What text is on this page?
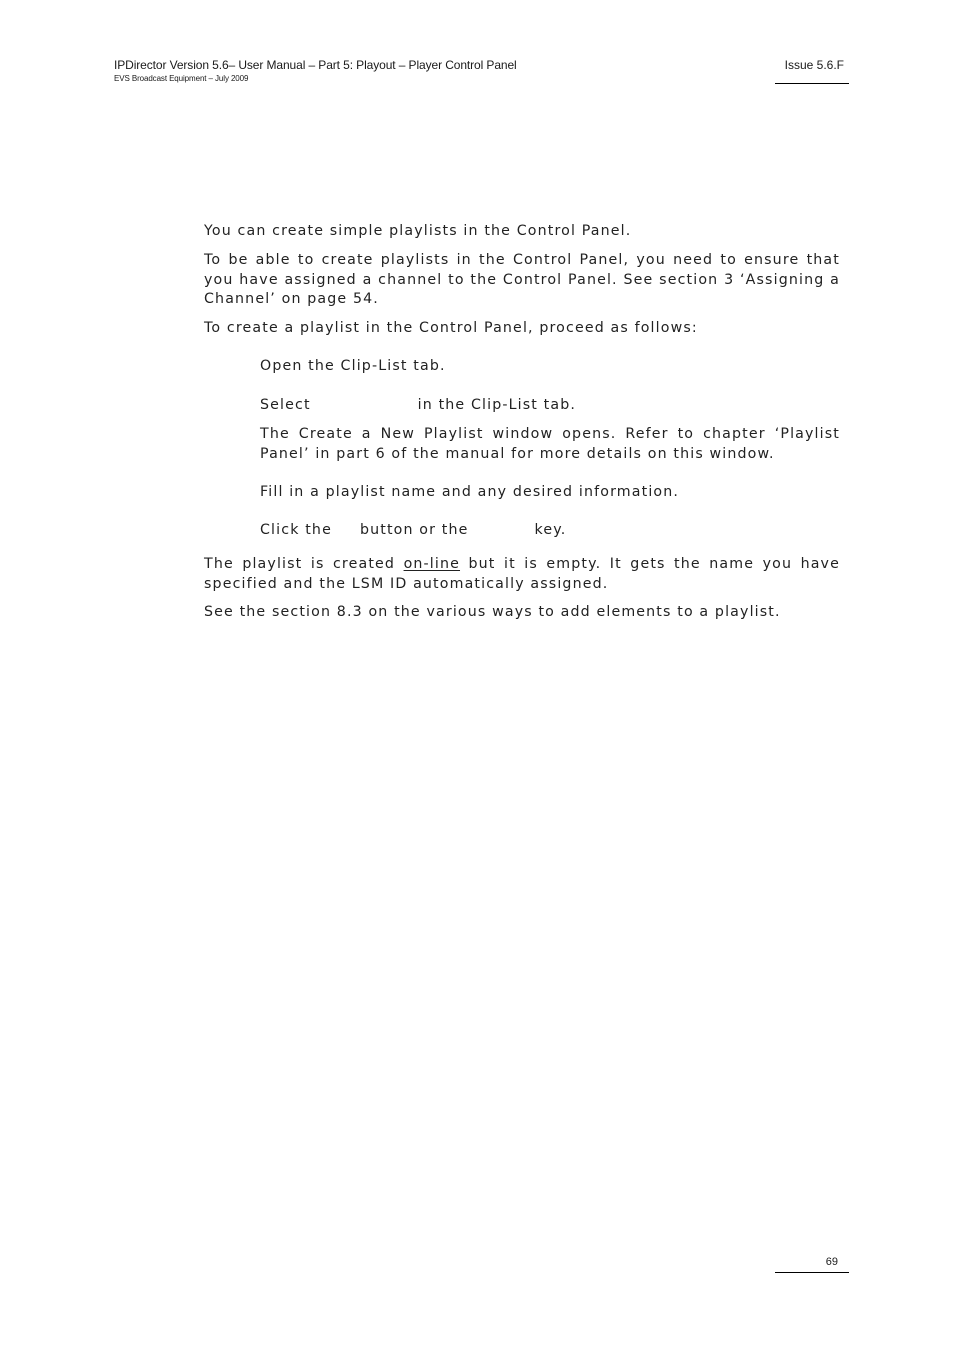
IPDirector Version 5.6– User Manual – Part 5: Playout – Player Control Panel
EVS Broadcast Equipment – July 2009
Issue 5.6.F

You can create simple playlists in the Control Panel.

To be able to create playlists in the Control Panel, you need to ensure that you have assigned a channel to the Control Panel. See section 3 ‘Assigning a Channel’ on page 54.

To create a playlist in the Control Panel, proceed as follows:

Open the Clip-List tab.

Select	in the Clip-List tab.

The Create a New Playlist window opens. Refer to chapter ‘Playlist Panel’ in part 6 of the manual for more details on this window.

Fill in a playlist name and any desired information.

Click the button or the	key.

The playlist is created on-line but it is empty. It gets the name you have specified and the LSM ID automatically assigned.

See the section 8.3 on the various ways to add elements to a playlist.

69
